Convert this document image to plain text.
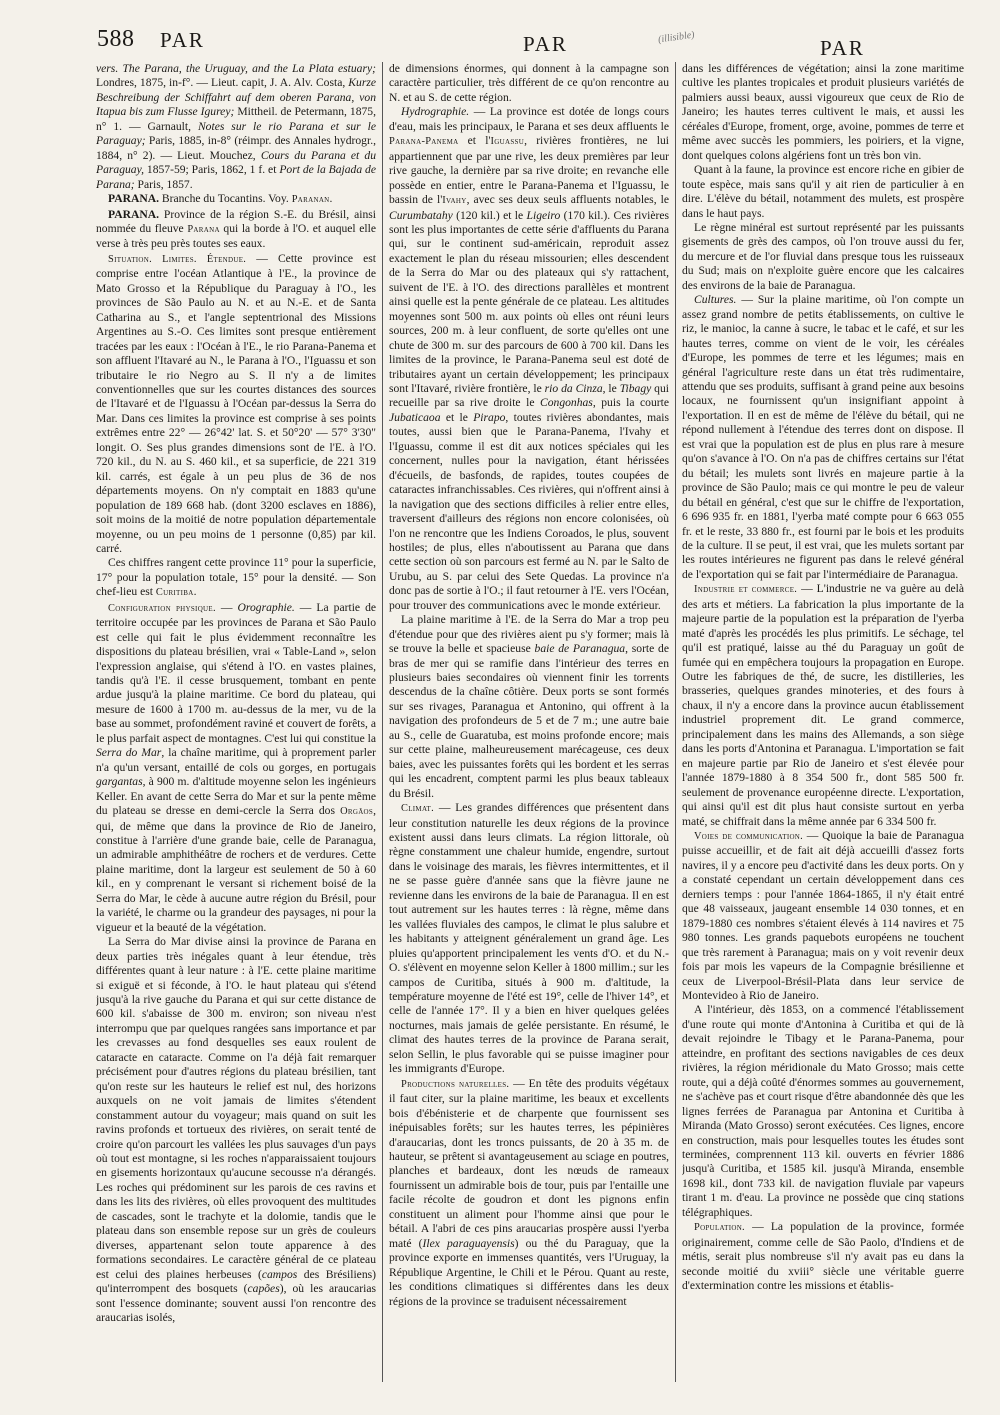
588 PAR	PAR	(illisible)	PAR

vers. The Parana, the Uruguay, and the La Plata estuary; Londres, 1875, in-f°. — Lieut. capit, J. A. Alv. Costa, Kurze Beschreibung der Schiffahrt auf dem oberen Parana, von Itapua bis zum Flusse Igurey; Mittheil. de Petermann, 1875, n° 1. — Garnault, Notes sur le rio Parana et sur le Paraguay; Paris, 1885, in-8° (réimpr. des Annales hydrogr., 1884, n° 2). — Lieut. Mouchez, Cours du Parana et du Paraguay, 1857-59; Paris, 1862, 1 f. et Port de la Bajada de Parana; Paris, 1857.

PARANA. Branche du Tocantins. Voy. Paranan.

PARANA. Province de la région S.-E. du Brésil, ainsi nommée du fleuve Parana qui la borde à l'O. et auquel elle verse à très peu près toutes ses eaux.

Situation. Limites. Étendue. — Cette province est comprise entre l'océan Atlantique à l'E., la province de Mato Grosso et la République du Paraguay à l'O., les provinces de São Paulo au N. et au N.-E. et de Santa Catharina au S., et l'angle septentrional des Missions Argentines au S.-O. Ces limites sont presque entièrement tracées par les eaux : l'Océan à l'E., le rio Parana-Panema et son affluent l'Itavaré au N., le Parana à l'O., l'Iguassu et son tributaire le rio Negro au S. Il n'y a de limites conventionnelles que sur les courtes distances des sources de l'Itavaré et de l'Iguassu à l'Océan par-dessus la Serra do Mar. Dans ces limites la province est comprise à ses points extrêmes entre 22° — 26°42' lat. S. et 50°20' — 57° 3'30" longit. O. Ses plus grandes dimensions sont de l'E. à l'O. 720 kil., du N. au S. 460 kil., et sa superficie, de 221 319 kil. carrés, est égale à un peu plus de 36 de nos départements moyens. On n'y comptait en 1883 qu'une population de 189 668 hab. (dont 3200 esclaves en 1886), soit moins de la moitié de notre population départementale moyenne, ou un peu moins de 1 personne (0,85) par kil. carré.

Ces chiffres rangent cette province 11° pour la superficie, 17° pour la population totale, 15° pour la densité. — Son chef-lieu est Curitiba.

Configuration physique. — Orographie. — La partie de territoire occupée par les provinces de Parana et São Paulo est celle qui fait le plus évidemment reconnaître les dispositions du plateau brésilien, vrai « Table-Land », selon l'expression anglaise, qui s'étend à l'O. en vastes plaines, tandis qu'à l'E. il cesse brusquement, tombant en pente ardue jusqu'à la plaine maritime. Ce bord du plateau, qui mesure de 1600 à 1700 m. au-dessus de la mer, vu de la base au sommet, profondément raviné et couvert de forêts, a le plus parfait aspect de montagnes. C'est lui qui constitue la Serra do Mar, la chaîne maritime, qui à proprement parler n'a qu'un versant, entaillé de cols ou gorges, en portugais gargantas, à 900 m. d'altitude moyenne selon les ingénieurs Keller. En avant de cette Serra do Mar et sur la pente même du plateau se dresse en demi-cercle la Serra dos Orgãos, qui, de même que dans la province de Rio de Janeiro, constitue à l'arrière d'une grande baie, celle de Paranagua, un admirable amphithéâtre de rochers et de verdures. Cette plaine maritime, dont la largeur est seulement de 50 à 60 kil., en y comprenant le versant si richement boisé de la Serra do Mar, le cède à aucune autre région du Brésil, pour la variété, le charme ou la grandeur des paysages, ni pour la vigueur et la beauté de la végétation.

La Serra do Mar divise ainsi la province de Parana en deux parties très inégales quant à leur étendue, très différentes quant à leur nature : à l'E. cette plaine maritime si exiguë et si féconde, à l'O. le haut plateau qui s'étend jusqu'à la rive gauche du Parana et qui sur cette distance de 600 kil. s'abaisse de 300 m. environ; son niveau n'est interrompu que par quelques rangées sans importance et par les crevasses au fond desquelles ses eaux roulent de cataracte en cataracte. Comme on l'a déjà fait remarquer précisément pour d'autres régions du plateau brésilien, tant qu'on reste sur les hauteurs le relief est nul, des horizons auxquels on ne voit jamais de limites s'étendent constamment autour du voyageur; mais quand on suit les ravins profonds et tortueux des rivières, on serait tenté de croire qu'on parcourt les vallées les plus sauvages d'un pays où tout est montagne, si les roches n'apparaissaient toujours en gisements horizontaux qu'aucune secousse n'a dérangés. Les roches qui prédominent sur les parois de ces ravins et dans les lits des rivières, où elles provoquent des multitudes de cascades, sont le trachyte et la dolomie, tandis que le plateau dans son ensemble repose sur un grès de couleurs diverses, appartenant selon toute apparence à des formations secondaires. Le caractère général de ce plateau est celui des plaines herbeuses (campos des Brésiliens) qu'interrompent des bosquets (capões), où les araucarias sont l'essence dominante; souvent aussi l'on rencontre des araucarias isolés,

de dimensions énormes, qui donnent à la campagne son caractère particulier, très différent de ce qu'on rencontre au N. et au S. de cette région.

Hydrographie. — La province est dotée de longs cours d'eau, mais les principaux, le Parana et ses deux affluents le Parana-Panema et l'Iguassu, rivières frontières, ne lui appartiennent que par une rive, les deux premières par leur rive gauche, la dernière par sa rive droite; en revanche elle possède en entier, entre le Parana-Panema et l'Iguassu, le bassin de l'Ivahy, avec ses deux seuls affluents notables, le Curumbatahy (120 kil.) et le Ligeiro (170 kil.). Ces rivières sont les plus importantes de cette série d'affluents du Parana qui, sur le continent sud-américain, reproduit assez exactement le plan du réseau missourien; elles descendent de la Serra do Mar ou des plateaux qui s'y rattachent, suivent de l'E. à l'O. des directions parallèles et montrent ainsi quelle est la pente générale de ce plateau. Les altitudes moyennes sont 500 m. aux points où elles ont réuni leurs sources, 200 m. à leur confluent, de sorte qu'elles ont une chute de 300 m. sur des parcours de 600 à 700 kil. Dans les limites de la province, le Parana-Panema seul est doté de tributaires ayant un certain développement; les principaux sont l'Itavaré, rivière frontière, le rio da Cinza, le Tibagy qui recueille par sa rive droite le Congonhas, puis la courte Jubaticaoa et le Pirapo, toutes rivières abondantes, mais toutes, aussi bien que le Parana-Panema, l'Ivahy et l'Iguassu, comme il est dit aux notices spéciales qui les concernent, nulles pour la navigation, étant hérissées d'écueils, de basfonds, de rapides, toutes coupées de cataractes infranchissables. Ces rivières, qui n'offrent ainsi à la navigation que des sections difficiles à relier entre elles, traversent d'ailleurs des régions non encore colonisées, où l'on ne rencontre que les Indiens Coroados, le plus, souvent hostiles; de plus, elles n'aboutissent au Parana que dans cette section où son parcours est fermé au N. par le Salto de Urubu, au S. par celui des Sete Quedas. La province n'a donc pas de sortie à l'O.; il faut retourner à l'E. vers l'Océan, pour trouver des communications avec le monde extérieur.

La plaine maritime à l'E. de la Serra do Mar a trop peu d'étendue pour que des rivières aient pu s'y former; mais là se trouve la belle et spacieuse baie de Paranagua, sorte de bras de mer qui se ramifie dans l'intérieur des terres en plusieurs baies secondaires où viennent finir les torrents descendus de la chaîne côtière. Deux ports se sont formés sur ses rivages, Paranagua et Antonino, qui offrent à la navigation des profondeurs de 5 et de 7 m.; une autre baie au S., celle de Guaratuba, est moins profonde encore; mais sur cette plaine, malheureusement marécageuse, ces deux baies, avec les puissantes forêts qui les bordent et les serras qui les encadrent, comptent parmi les plus beaux tableaux du Brésil.

Climat. — Les grandes différences que présentent dans leur constitution naturelle les deux régions de la province existent aussi dans leurs climats. La région littorale, où règne constamment une chaleur humide, engendre, surtout dans le voisinage des marais, les fièvres intermittentes, et il ne se passe guère d'année sans que la fièvre jaune ne revienne dans les environs de la baie de Paranagua. Il en est tout autrement sur les hautes terres : là règne, même dans les vallées fluviales des campos, le climat le plus salubre et les habitants y atteignent généralement un grand âge. Les pluies qu'apportent principalement les vents d'O. et du N.-O. s'élèvent en moyenne selon Keller à 1800 millim.; sur les campos de Curitiba, situés à 900 m. d'altitude, la température moyenne de l'été est 19°, celle de l'hiver 14°, et celle de l'année 17°. Il y a bien en hiver quelques gelées nocturnes, mais jamais de gelée persistante. En résumé, le climat des hautes terres de la province de Parana serait, selon Sellin, le plus favorable qui se puisse imaginer pour les immigrants d'Europe.

Productions naturelles. — En tête des produits végétaux il faut citer, sur la plaine maritime, les beaux et excellents bois d'ébénisterie et de charpente que fournissent ses inépuisables forêts; sur les hautes terres, les pépinières d'araucarias, dont les troncs puissants, de 20 à 35 m. de hauteur, se prêtent si avantageusement au sciage en poutres, planches et bardeaux, dont les nœuds de rameaux fournissent un admirable bois de tour, puis par l'entaille une facile récolte de goudron et dont les pignons enfin constituent un aliment pour l'homme ainsi que pour le bétail. A l'abri de ces pins araucarias prospère aussi l'yerba maté (Ilex paraguayensis) ou thé du Paraguay, que la province exporte en immenses quantités, vers l'Uruguay, la République Argentine, le Chili et le Pérou. Quant au reste, les conditions climatiques si différentes dans les deux régions de la province se traduisent nécessairement

dans les différences de végétation; ainsi la zone maritime cultive les plantes tropicales et produit plusieurs variétés de palmiers aussi beaux, aussi vigoureux que ceux de Rio de Janeiro; les hautes terres cultivent le mais, et aussi les céréales d'Europe, froment, orge, avoine, pommes de terre et même avec succès les pommiers, les poiriers, et la vigne, dont quelques colons algériens font un très bon vin.

Quant à la faune, la province est encore riche en gibier de toute espèce, mais sans qu'il y ait rien de particulier à en dire. L'élève du bétail, notamment des mulets, est prospère dans le haut pays.

Le règne minéral est surtout représenté par les puissants gisements de grès des campos, où l'on trouve aussi du fer, du mercure et de l'or fluvial dans presque tous les ruisseaux du Sud; mais on n'exploite guère encore que les calcaires des environs de la baie de Paranagua.

Cultures. — Sur la plaine maritime, où l'on compte un assez grand nombre de petits établissements, on cultive le riz, le manioc, la canne à sucre, le tabac et le café, et sur les hautes terres, comme on vient de le voir, les céréales d'Europe, les pommes de terre et les légumes; mais en général l'agriculture reste dans un état très rudimentaire, attendu que ses produits, suffisant à grand peine aux besoins locaux, ne fournissent qu'un insignifiant appoint à l'exportation. Il en est de même de l'élève du bétail, qui ne répond nullement à l'étendue des terres dont on dispose. Il est vrai que la population est de plus en plus rare à mesure qu'on s'avance à l'O. On n'a pas de chiffres certains sur l'état du bétail; les mulets sont livrés en majeure partie à la province de São Paulo; mais ce qui montre le peu de valeur du bétail en général, c'est que sur le chiffre de l'exportation, 6 696 935 fr. en 1881, l'yerba maté compte pour 6 663 055 fr. et le reste, 33 880 fr., est fourni par le bois et les produits de la culture. Il se peut, il est vrai, que les mulets sortant par les routes intérieures ne figurent pas dans le relevé général de l'exportation qui se fait par l'intermédiaire de Paranagua.

Industrie et commerce. — L'industrie ne va guère au delà des arts et métiers. La fabrication la plus importante de la majeure partie de la population est la préparation de l'yerba maté d'après les procédés les plus primitifs. Le séchage, tel qu'il est pratiqué, laisse au thé du Paraguay un goût de fumée qui en empêchera toujours la propagation en Europe. Outre les fabriques de thé, de sucre, les distilleries, les brasseries, quelques grandes minoteries, et des fours à chaux, il n'y a encore dans la province aucun établissement industriel proprement dit. Le grand commerce, principalement dans les mains des Allemands, a son siège dans les ports d'Antonina et Paranagua. L'importation se fait en majeure partie par Rio de Janeiro et s'est élevée pour l'année 1879-1880 à 8 354 500 fr., dont 585 500 fr. seulement de provenance européenne directe. L'exportation, qui ainsi qu'il est dit plus haut consiste surtout en yerba maté, se chiffrait dans la même année par 6 334 500 fr.

Voies de communication. — Quoique la baie de Paranagua puisse accueillir, et de fait ait déjà accueilli d'assez forts navires, il y a encore peu d'activité dans les deux ports. On y a constaté cependant un certain développement dans ces derniers temps : pour l'année 1864-1865, il n'y était entré que 48 vaisseaux, jaugeant ensemble 14 030 tonnes, et en 1879-1880 ces nombres s'étaient élevés à 114 navires et 75 980 tonnes. Les grands paquebots européens ne touchent que très rarement à Paranagua; mais on y voit revenir deux fois par mois les vapeurs de la Compagnie brésilienne et ceux de Liverpool-Brésil-Plata dans leur service de Montevideo à Rio de Janeiro.

A l'intérieur, dès 1853, on a commencé l'établissement d'une route qui monte d'Antonina à Curitiba et qui de là devait rejoindre le Tibagy et le Parana-Panema, pour atteindre, en profitant des sections navigables de ces deux rivières, la région méridionale du Mato Grosso; mais cette route, qui a déjà coûté d'énormes sommes au gouvernement, ne s'achève pas et court risque d'être abandonnée dès que les lignes ferrées de Paranagua par Antonina et Curitiba à Miranda (Mato Grosso) seront exécutées. Ces lignes, encore en construction, mais pour lesquelles toutes les études sont terminées, comprennent 113 kil. ouverts en février 1886 jusqu'à Curitiba, et 1585 kil. jusqu'à Miranda, ensemble 1698 kil., dont 733 kil. de navigation fluviale par vapeurs tirant 1 m. d'eau. La province ne possède que cinq stations télégraphiques.

Population. — La population de la province, formée originairement, comme celle de São Paolo, d'Indiens et de métis, serait plus nombreuse s'il n'y avait pas eu dans la seconde moitié du xviii° siècle une véritable guerre d'extermination contre les missions et établis-
